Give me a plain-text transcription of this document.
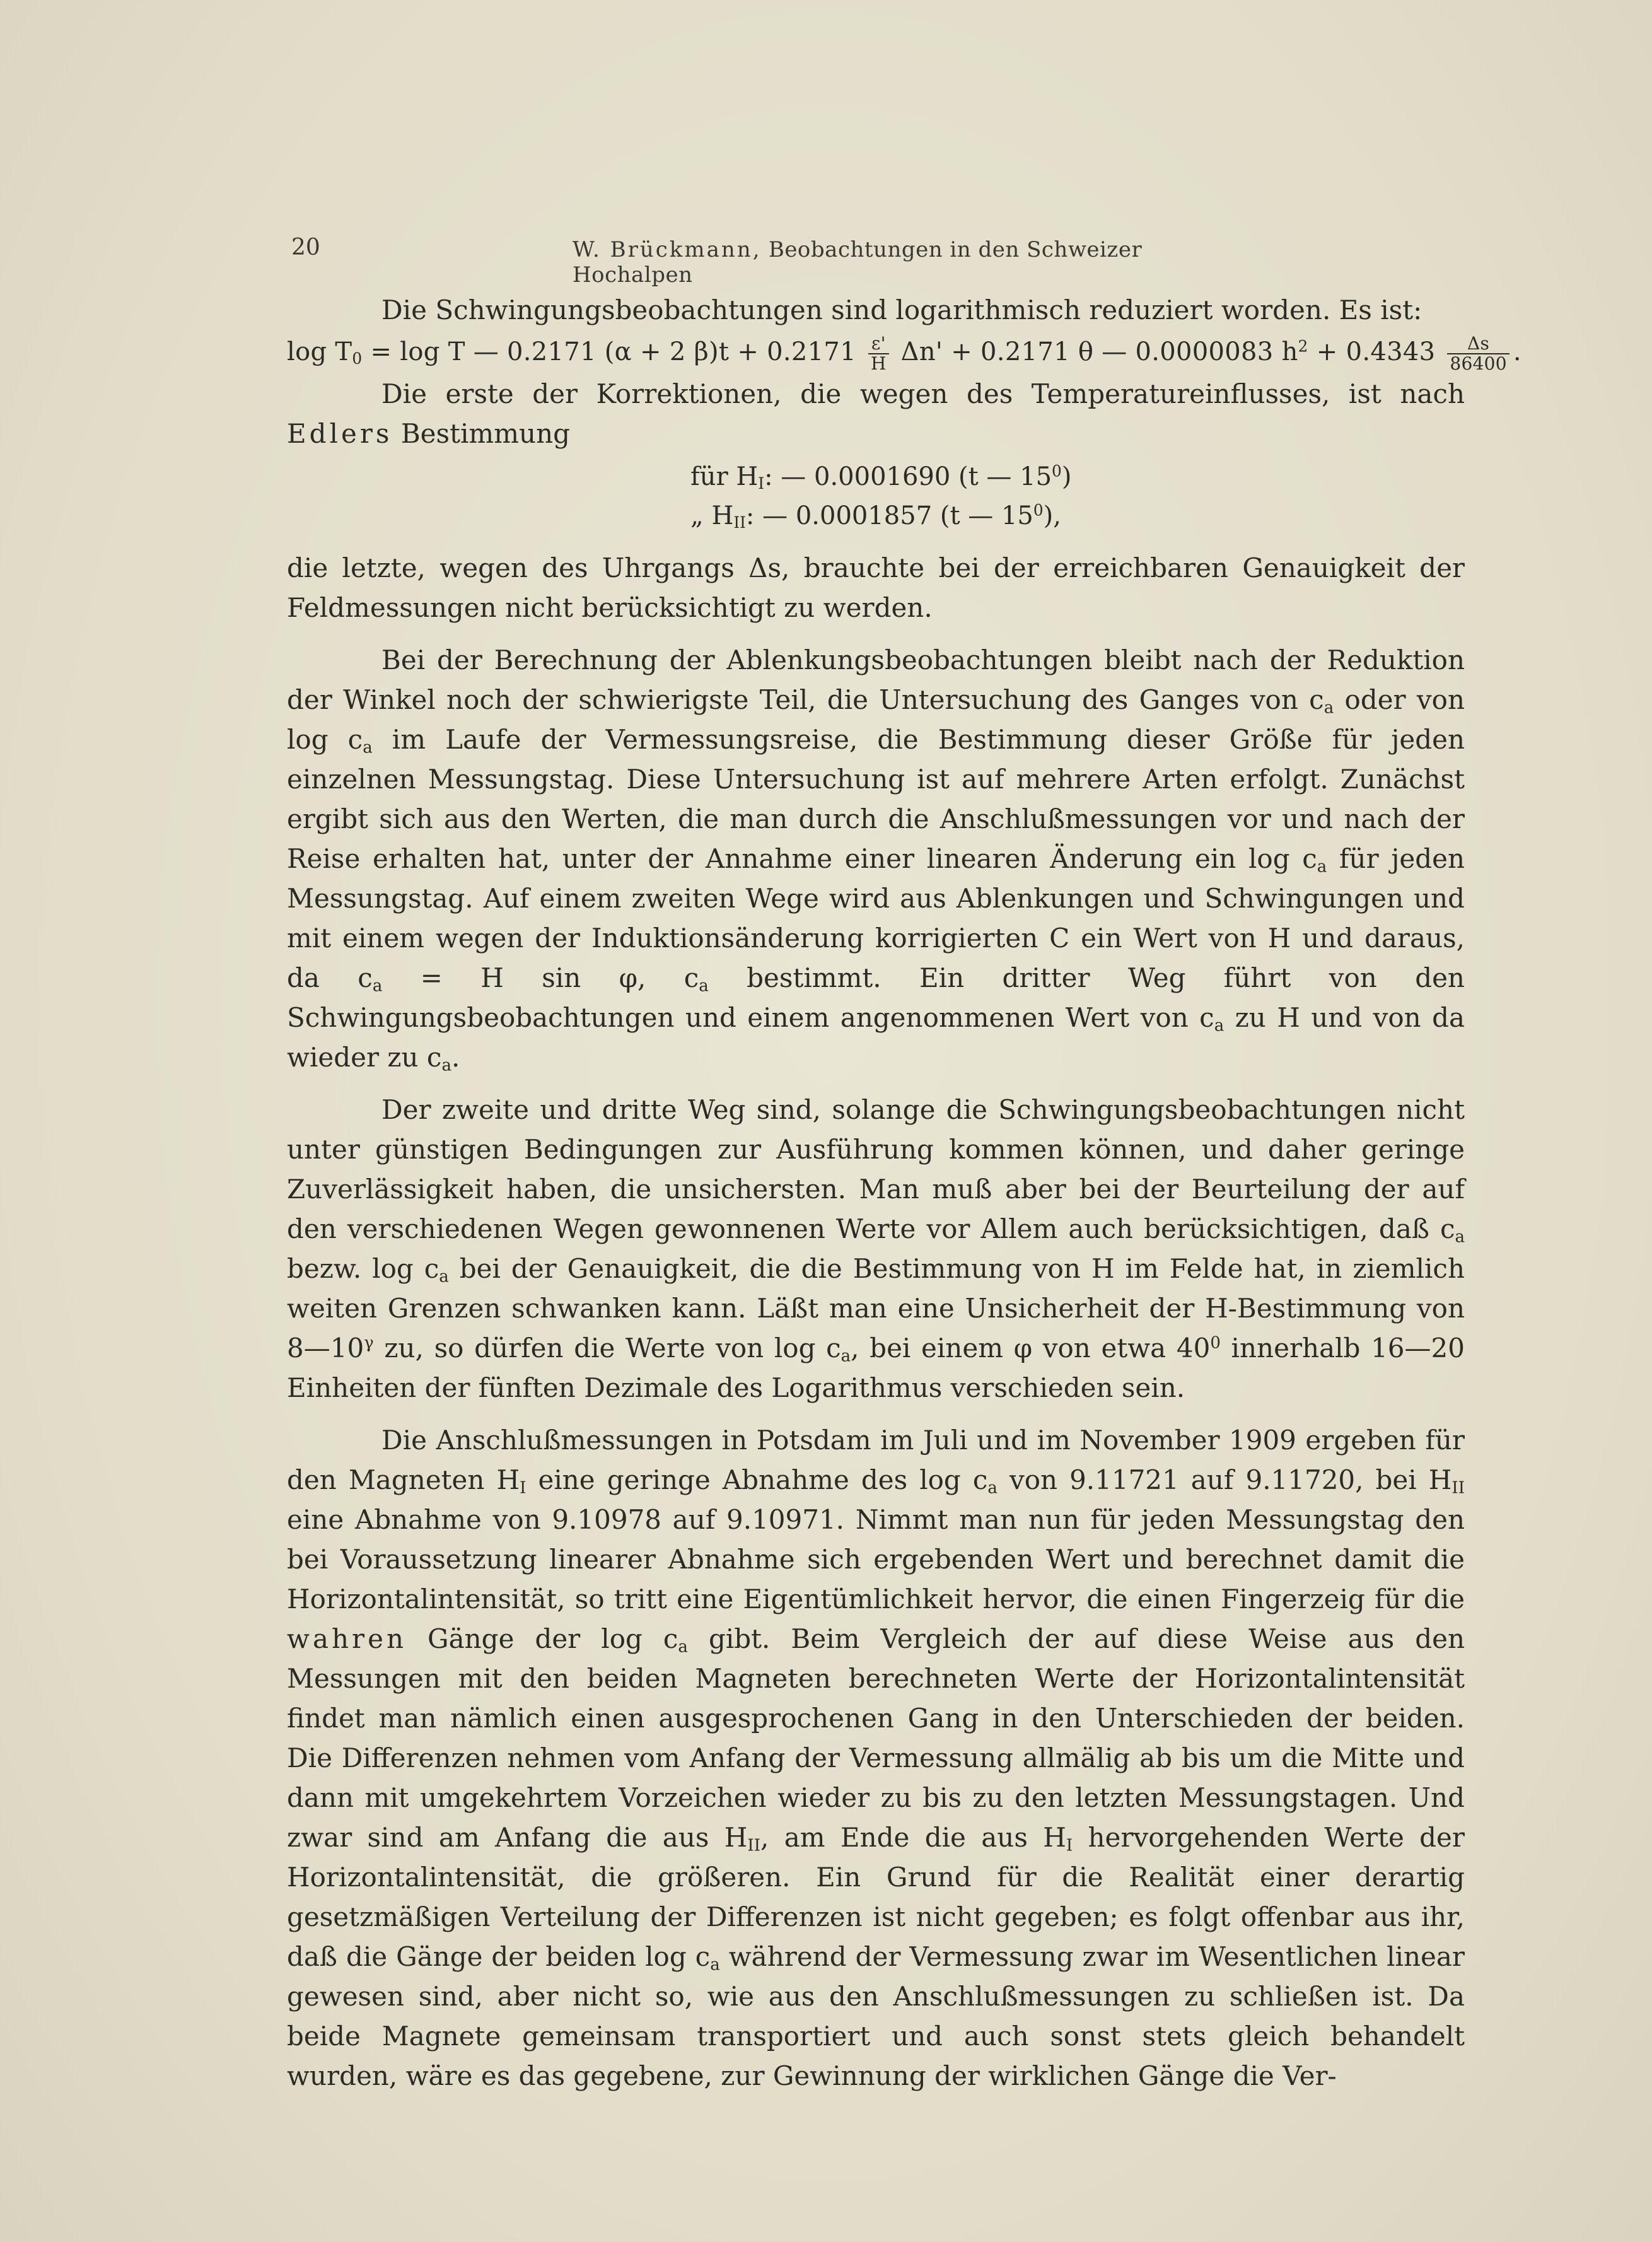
20	W. Brückmann, Beobachtungen in den Schweizer Hochalpen

Die Schwingungsbeobachtungen sind logarithmisch reduziert worden. Es ist:

$\log T_0 = \log T$ — 0.2171 (α + 2 $\beta)t + 0.2171 \frac{\varepsilon'}{H} \Delta n' + 0.2171$ θ — 0.0000083 $h^2 + 0.4343 \frac{\Delta s}{86400}$ .

Die erste der Korrektionen, die wegen des Temperatureinflusses, ist nach Edlers Bestimmung

für $H_I$: — 0.0001690 (t — $15^0$)
„ $H_{II}$: — 0.0001857 (t — $15^0$),

die letzte, wegen des Uhrgangs Δs, brauchte bei der erreichbaren Genauigkeit der Feldmessungen nicht berücksichtigt zu werden.

Bei der Berechnung der Ablenkungsbeobachtungen bleibt nach der Reduktion der Winkel noch der schwierigste Teil, die Untersuchung des Ganges von $c_a$ oder von $\log c_a$ im Laufe der Vermessungsreise, die Bestimmung dieser Größe für jeden einzelnen Messungstag. Diese Untersuchung ist auf mehrere Arten erfolgt. Zunächst ergibt sich aus den Werten, die man durch die Anschlußmessungen vor und nach der Reise erhalten hat, unter der Annahme einer linearen Änderung ein $\log c_a$ für jeden Messungstag. Auf einem zweiten Wege wird aus Ablenkungen und Schwingungen und mit einem wegen der Induktionsänderung korrigierten C ein Wert von H und daraus, da $c_a = H$ sin φ, $c_a$ bestimmt. Ein dritter Weg führt von den Schwingungsbeobachtungen und einem angenommenen Wert von $c_a$ zu H und von da wieder zu $c_a$.

Der zweite und dritte Weg sind, solange die Schwingungsbeobachtungen nicht unter günstigen Bedingungen zur Ausführung kommen können, und daher geringe Zuverlässigkeit haben, die unsichersten. Man muß aber bei der Beurteilung der auf den verschiedenen Wegen gewonnenen Werte vor Allem auch berücksichtigen, daß $c_a$ bezw. $\log c_a$ bei der Genauigkeit, die die Bestimmung von H im Felde hat, in ziemlich weiten Grenzen schwanken kann. Läßt man eine Unsicherheit der H-Bestimmung von $8—10^\gamma$ zu, so dürfen die Werte von $\log c_a$, bei einem φ von etwa $40^0$ innerhalb 16—20 Einheiten der fünften Dezimale des Logarithmus verschieden sein.

Die Anschlußmessungen in Potsdam im Juli und im November 1909 ergeben für den Magneten $H_I$ eine geringe Abnahme des $\log c_a$ von 9.11721 auf 9.11720, bei $H_{II}$ eine Abnahme von 9.10978 auf 9.10971. Nimmt man nun für jeden Messungstag den bei Voraussetzung linearer Abnahme sich ergebenden Wert und berechnet damit die Horizontalintensität, so tritt eine Eigentümlichkeit hervor, die einen Fingerzeig für die wahren Gänge der $\log c_a$ gibt. Beim Vergleich der auf diese Weise aus den Messungen mit den beiden Magneten berechneten Werte der Horizontalintensität findet man nämlich einen ausgesprochenen Gang in den Unterschieden der beiden. Die Differenzen nehmen vom Anfang der Vermessung allmälig ab bis um die Mitte und dann mit umgekehrtem Vorzeichen wieder zu bis zu den letzten Messungstagen. Und zwar sind am Anfang die aus $H_{II}$, am Ende die aus $H_I$ hervorgehenden Werte der Horizontalintensität, die größeren. Ein Grund für die Realität einer derartig gesetzmäßigen Verteilung der Differenzen ist nicht gegeben; es folgt offenbar aus ihr, daß die Gänge der beiden $\log c_a$ während der Vermessung zwar im Wesentlichen linear gewesen sind, aber nicht so, wie aus den Anschlußmessungen zu schließen ist. Da beide Magnete gemeinsam transportiert und auch sonst stets gleich behandelt wurden, wäre es das gegebene, zur Gewinnung der wirklichen Gänge die Ver-
